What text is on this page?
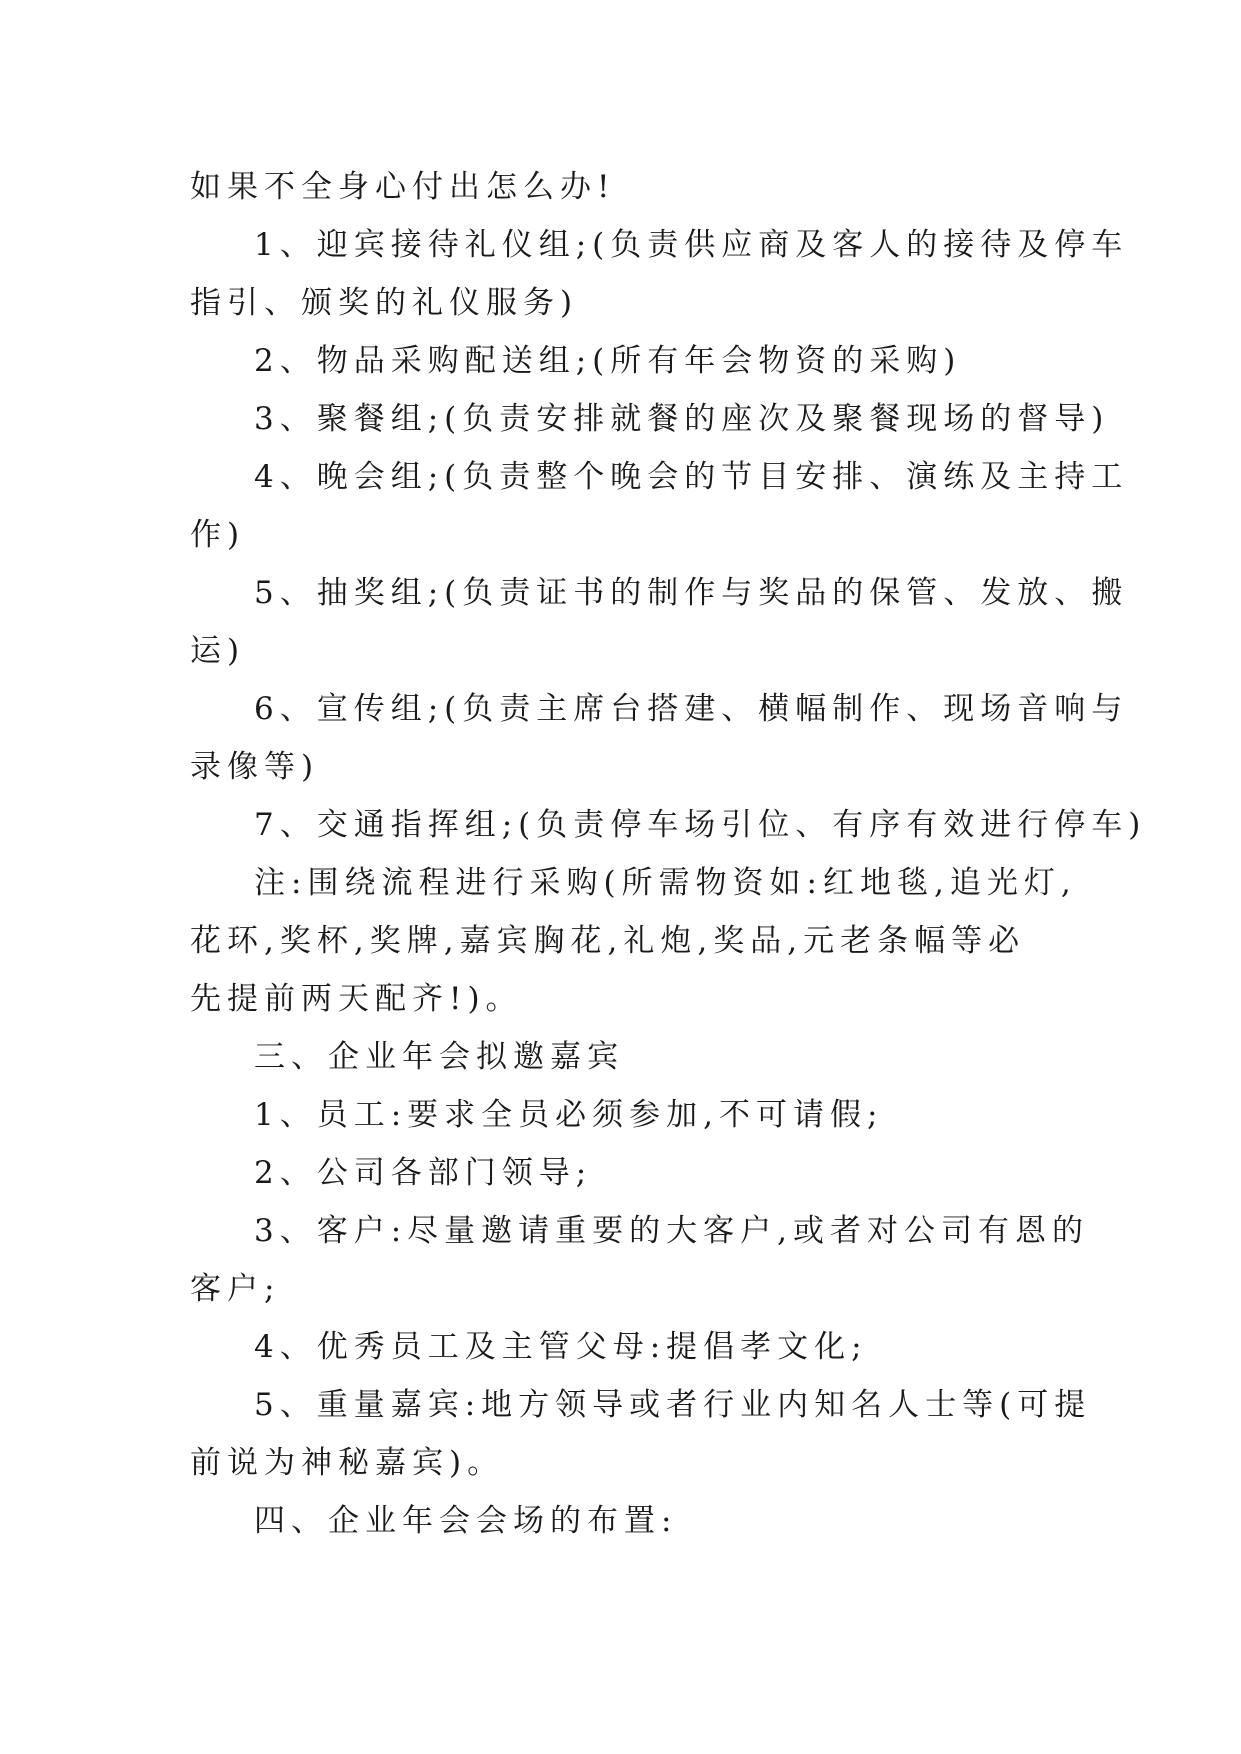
如果不全身心付出怎么办!

1、迎宾接待礼仪组;(负责供应商及客人的接待及停车

指引、颁奖的礼仪服务)

2、物品采购配送组;(所有年会物资的采购)

3、聚餐组;(负责安排就餐的座次及聚餐现场的督导)

4、晚会组;(负责整个晚会的节目安排、演练及主持工

作)

5、抽奖组;(负责证书的制作与奖品的保管、发放、搬

运)

6、宣传组;(负责主席台搭建、横幅制作、现场音响与

录像等)

7、交通指挥组;(负责停车场引位、有序有效进行停车)

注:围绕流程进行采购(所需物资如:红地毯,追光灯,

花环,奖杯,奖牌,嘉宾胸花,礼炮,奖品,元老条幅等必

先提前两天配齐!)。

三、企业年会拟邀嘉宾

1、员工:要求全员必须参加,不可请假;

2、公司各部门领导;

3、客户:尽量邀请重要的大客户,或者对公司有恩的

客户;

4、优秀员工及主管父母:提倡孝文化;

5、重量嘉宾:地方领导或者行业内知名人士等(可提

前说为神秘嘉宾)。

四、企业年会会场的布置:
